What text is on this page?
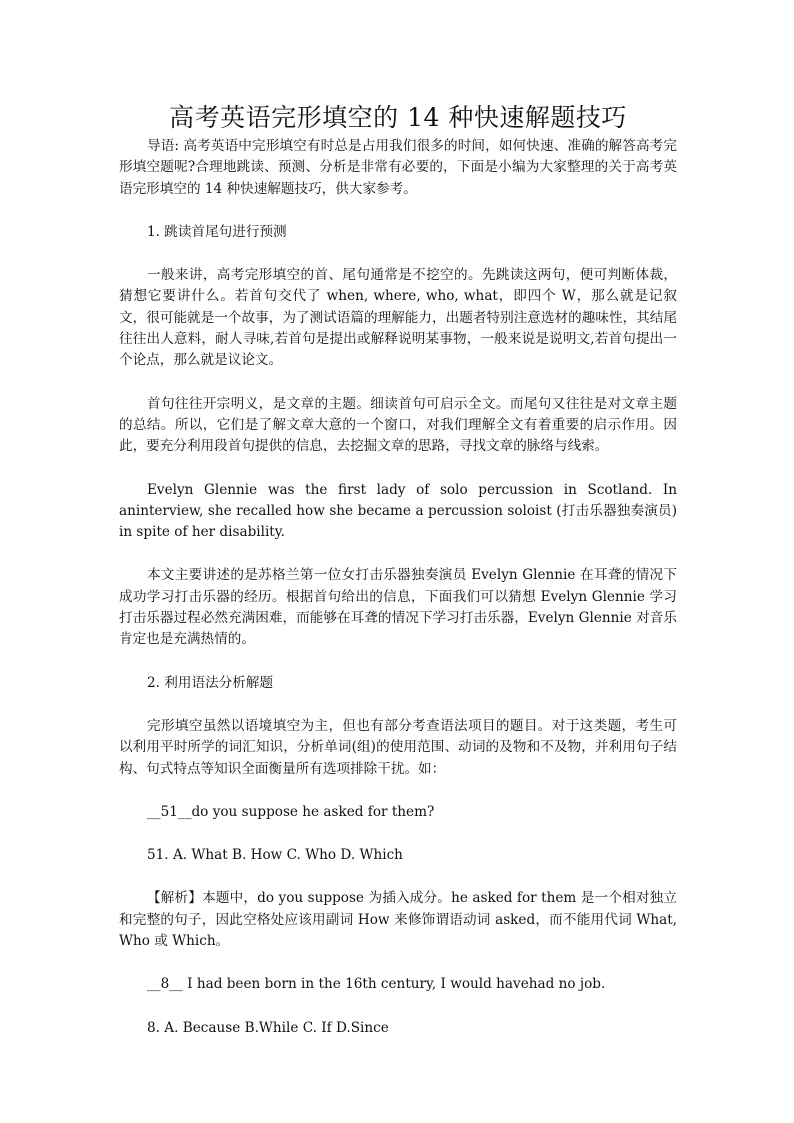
高考英语完形填空的 14 种快速解题技巧

导语: 高考英语中完形填空有时总是占用我们很多的时间，如何快速、准确的解答高考完形填空题呢?合理地跳读、预测、分析是非常有必要的，下面是小编为大家整理的关于高考英语完形填空的 14 种快速解题技巧，供大家参考。

1. 跳读首尾句进行预测

一般来讲，高考完形填空的首、尾句通常是不挖空的。先跳读这两句，便可判断体裁，猜想它要讲什么。若首句交代了 when, where, who, what，即四个 W，那么就是记叙文，很可能就是一个故事，为了测试语篇的理解能力，出题者特别注意选材的趣味性，其结尾往往出人意料，耐人寻味,若首句是提出或解释说明某事物，一般来说是说明文,若首句提出一个论点，那么就是议论文。

首句往往开宗明义，是文章的主题。细读首句可启示全文。而尾句又往往是对文章主题的总结。所以，它们是了解文章大意的一个窗口，对我们理解全文有着重要的启示作用。因此，要充分利用段首句提供的信息，去挖掘文章的思路，寻找文章的脉络与线索。

Evelyn Glennie was the first lady of solo percussion in Scotland. In aninterview, she recalled how she became a percussion soloist (打击乐器独奏演员) in spite of her disability.

本文主要讲述的是苏格兰第一位女打击乐器独奏演员 Evelyn Glennie 在耳聋的情况下成功学习打击乐器的经历。根据首句给出的信息，下面我们可以猜想 Evelyn Glennie 学习打击乐器过程必然充满困难，而能够在耳聋的情况下学习打击乐器，Evelyn Glennie 对音乐肯定也是充满热情的。

2. 利用语法分析解题

完形填空虽然以语境填空为主，但也有部分考查语法项目的题目。对于这类题，考生可以利用平时所学的词汇知识，分析单词(组)的使用范围、动词的及物和不及物，并利用句子结构、句式特点等知识全面衡量所有选项排除干扰。如：

__51__do you suppose he asked for them?

51. A. What B. How C. Who D. Which

【解析】本题中，do you suppose 为插入成分。he asked for them 是一个相对独立和完整的句子，因此空格处应该用副词 How 来修饰谓语动词 asked，而不能用代词 What, Who 或 Which。

__8__ I had been born in the 16th century, I would havehad no job.

8. A. Because B.While C. If D.Since
